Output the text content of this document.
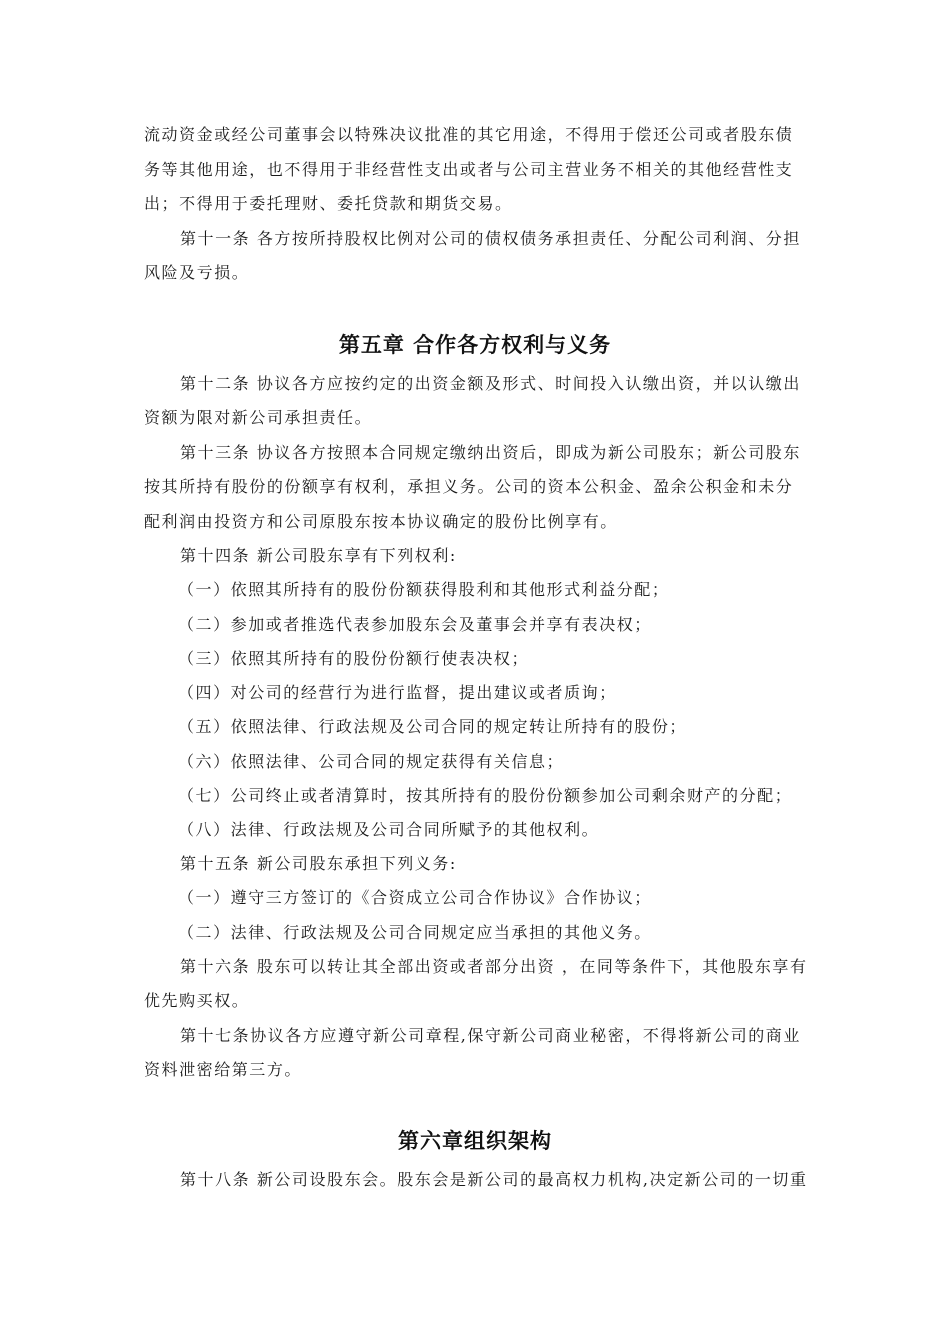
流动资金或经公司董事会以特殊决议批准的其它用途，不得用于偿还公司或者股东债
务等其他用途，也不得用于非经营性支出或者与公司主营业务不相关的其他经营性支
出；不得用于委托理财、委托贷款和期货交易。
第十一条 各方按所持股权比例对公司的债权债务承担责任、分配公司利润、分担
风险及亏损。
第五章 合作各方权利与义务
第十二条 协议各方应按约定的出资金额及形式、时间投入认缴出资，并以认缴出
资额为限对新公司承担责任。
第十三条 协议各方按照本合同规定缴纳出资后，即成为新公司股东；新公司股东
按其所持有股份的份额享有权利，承担义务。公司的资本公积金、盈余公积金和未分
配利润由投资方和公司原股东按本协议确定的股份比例享有。
第十四条 新公司股东享有下列权利:
（一）依照其所持有的股份份额获得股利和其他形式利益分配；
（二）参加或者推选代表参加股东会及董事会并享有表决权；
（三）依照其所持有的股份份额行使表决权；
（四）对公司的经营行为进行监督，提出建议或者质询；
（五）依照法律、行政法规及公司合同的规定转让所持有的股份；
（六）依照法律、公司合同的规定获得有关信息；
（七）公司终止或者清算时，按其所持有的股份份额参加公司剩余财产的分配；
（八）法律、行政法规及公司合同所赋予的其他权利。
第十五条 新公司股东承担下列义务:
（一）遵守三方签订的《合资成立公司合作协议》合作协议；
（二）法律、行政法规及公司合同规定应当承担的其他义务。
第十六条 股东可以转让其全部出资或者部分出资 ，在同等条件下，其他股东享有
优先购买权。
第十七条协议各方应遵守新公司章程,保守新公司商业秘密，不得将新公司的商业
资料泄密给第三方。
第六章组织架构
第十八条 新公司设股东会。股东会是新公司的最高权力机构,决定新公司的一切重
